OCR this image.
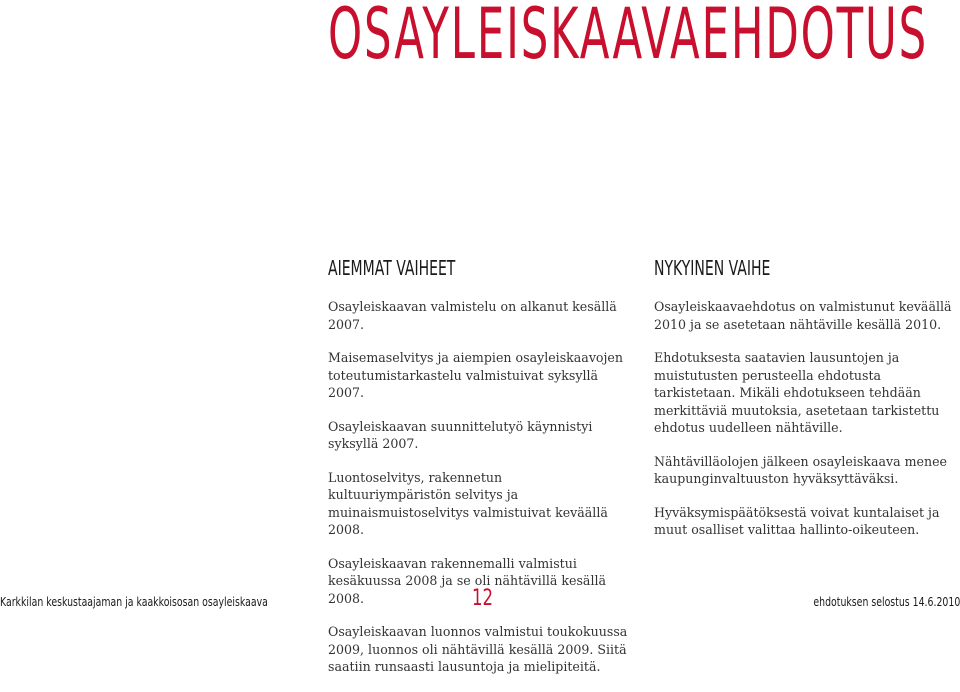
OSAYLEISKAAVAEHDOTUS
AIEMMAT VAIHEET

Osayleiskaavan valmistelu on alkanut kesällä 2007.

Maisemaselvitys ja aiempien osayleiskaavojen toteutumistarkastelu valmistuivat syksyllä 2007.

Osayleiskaavan suunnittelutyö käynnistyi syksyllä 2007.

Luontoselvitys, rakennetun kultuuriympäristön selvitys ja muinaismuistoselvitys valmistuivat keväällä 2008.

Osayleiskaavan rakennemalli valmistui kesäkuussa 2008 ja se oli nähtävillä kesällä 2008.

Osayleiskaavan luonnos valmistui toukokuussa 2009, luonnos oli nähtävillä kesällä 2009. Siitä saatiin runsaasti lausuntoja ja mielipiteitä.

NYKYINEN VAIHE

Osayleiskaavaehdotus on valmistunut keväällä 2010 ja se asetetaan nähtäville kesällä 2010.

Ehdotuksesta saatavien lausuntojen ja muistutusten perusteella ehdotusta tarkistetaan. Mikäli ehdotukseen tehdään merkittäviä muutoksia, asetetaan tarkistettu ehdotus uudelleen nähtäville.

Nähtävilläolojen jälkeen osayleiskaava menee kaupunginvaltuuston hyväksyttäväksi.

Hyväksymispäätöksestä voivat kuntalaiset ja muut osalliset valittaa hallinto-oikeuteen.

Karkkilan keskustaajaman ja kaakkoisosan osayleiskaava	12	ehdotuksen selostus 14.6.2010
